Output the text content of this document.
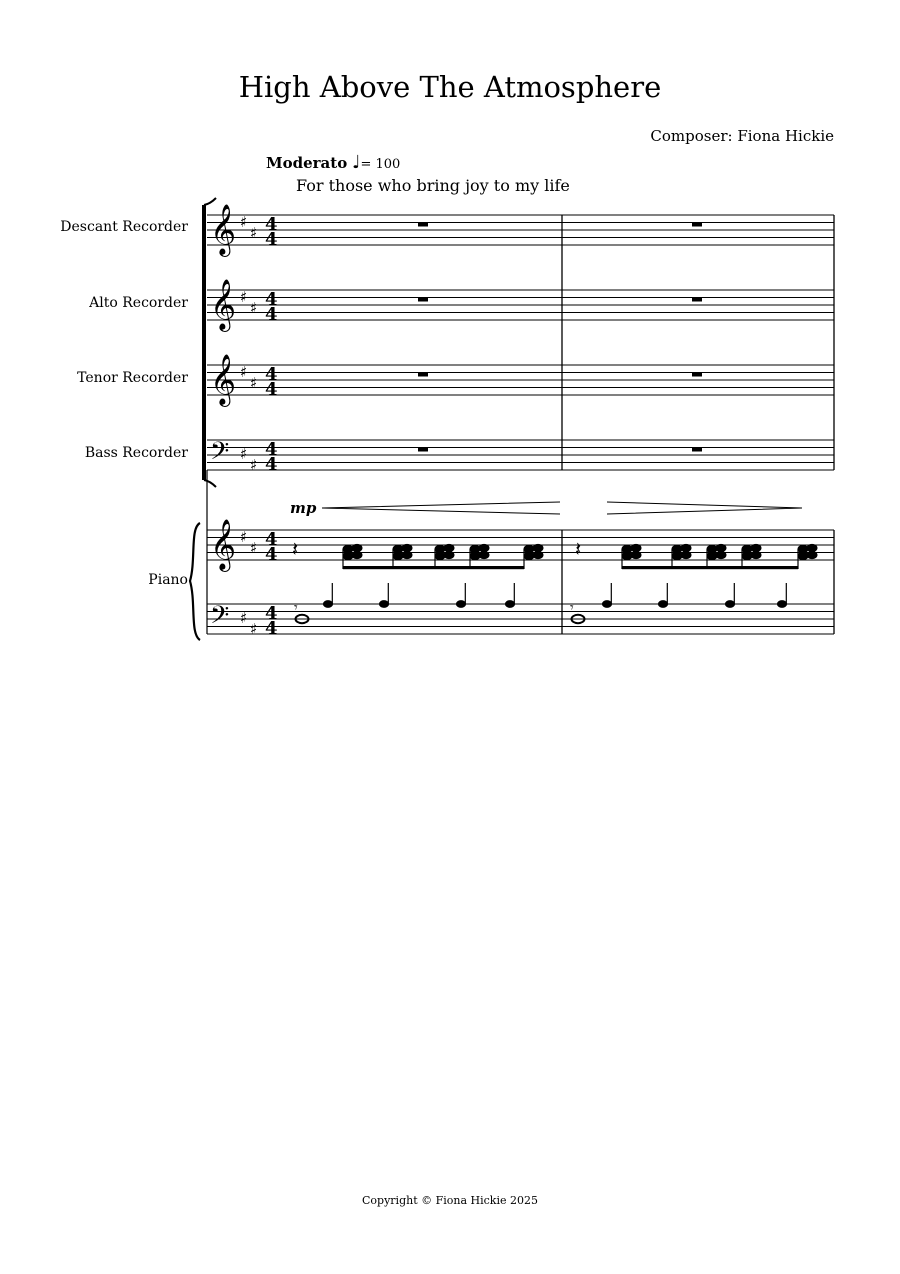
High Above The Atmosphere
Composer: Fiona Hickie
Moderato ♩= 100
For those who bring joy to my life
Descant Recorder
Alto Recorder
Tenor Recorder
Bass Recorder
Piano
𝄞
𝄞
𝄞
𝄢
𝄞
𝄢
♯
♯
♯
♯
♯
♯
♯
♯
♯
♯
♯
♯
4
4
4
4
4
4
4
4
4
4
4
4
mp
𝄽	𝄽
𝄾	𝄾
Copyright © Fiona Hickie 2025
